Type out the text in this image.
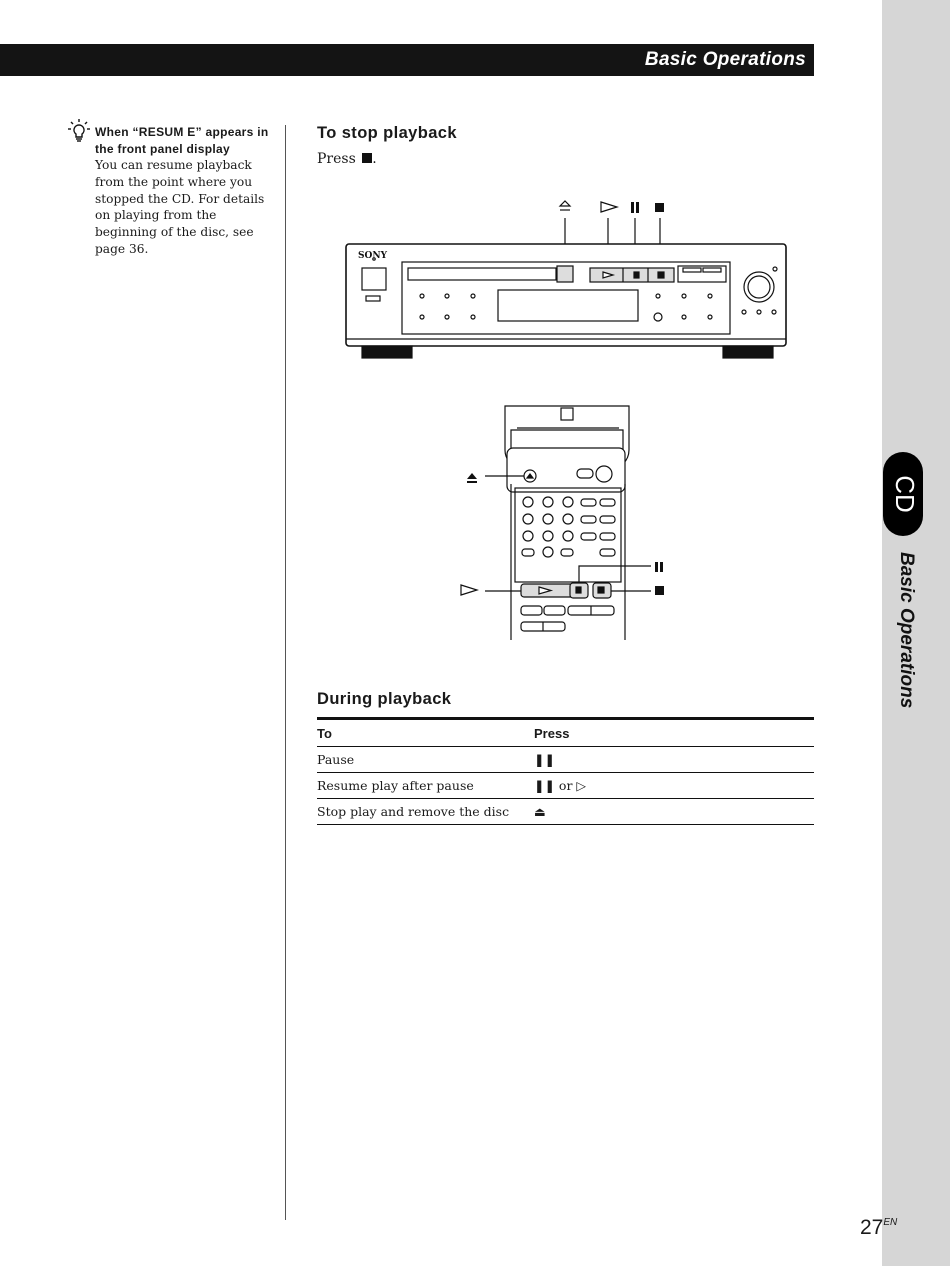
Basic Operations
CD
Basic Operations
When “RESUM E” appears in the front panel display
You can resume playback from the point where you stopped the CD. For details on playing from the beginning of the disc, see page 36.
To stop playback
Press .
SONY
During playback
To	Press
Pause	❚❚
Resume play after pause	❚❚ or ▷
Stop play and remove the disc	⏏
$27^{EN}$
